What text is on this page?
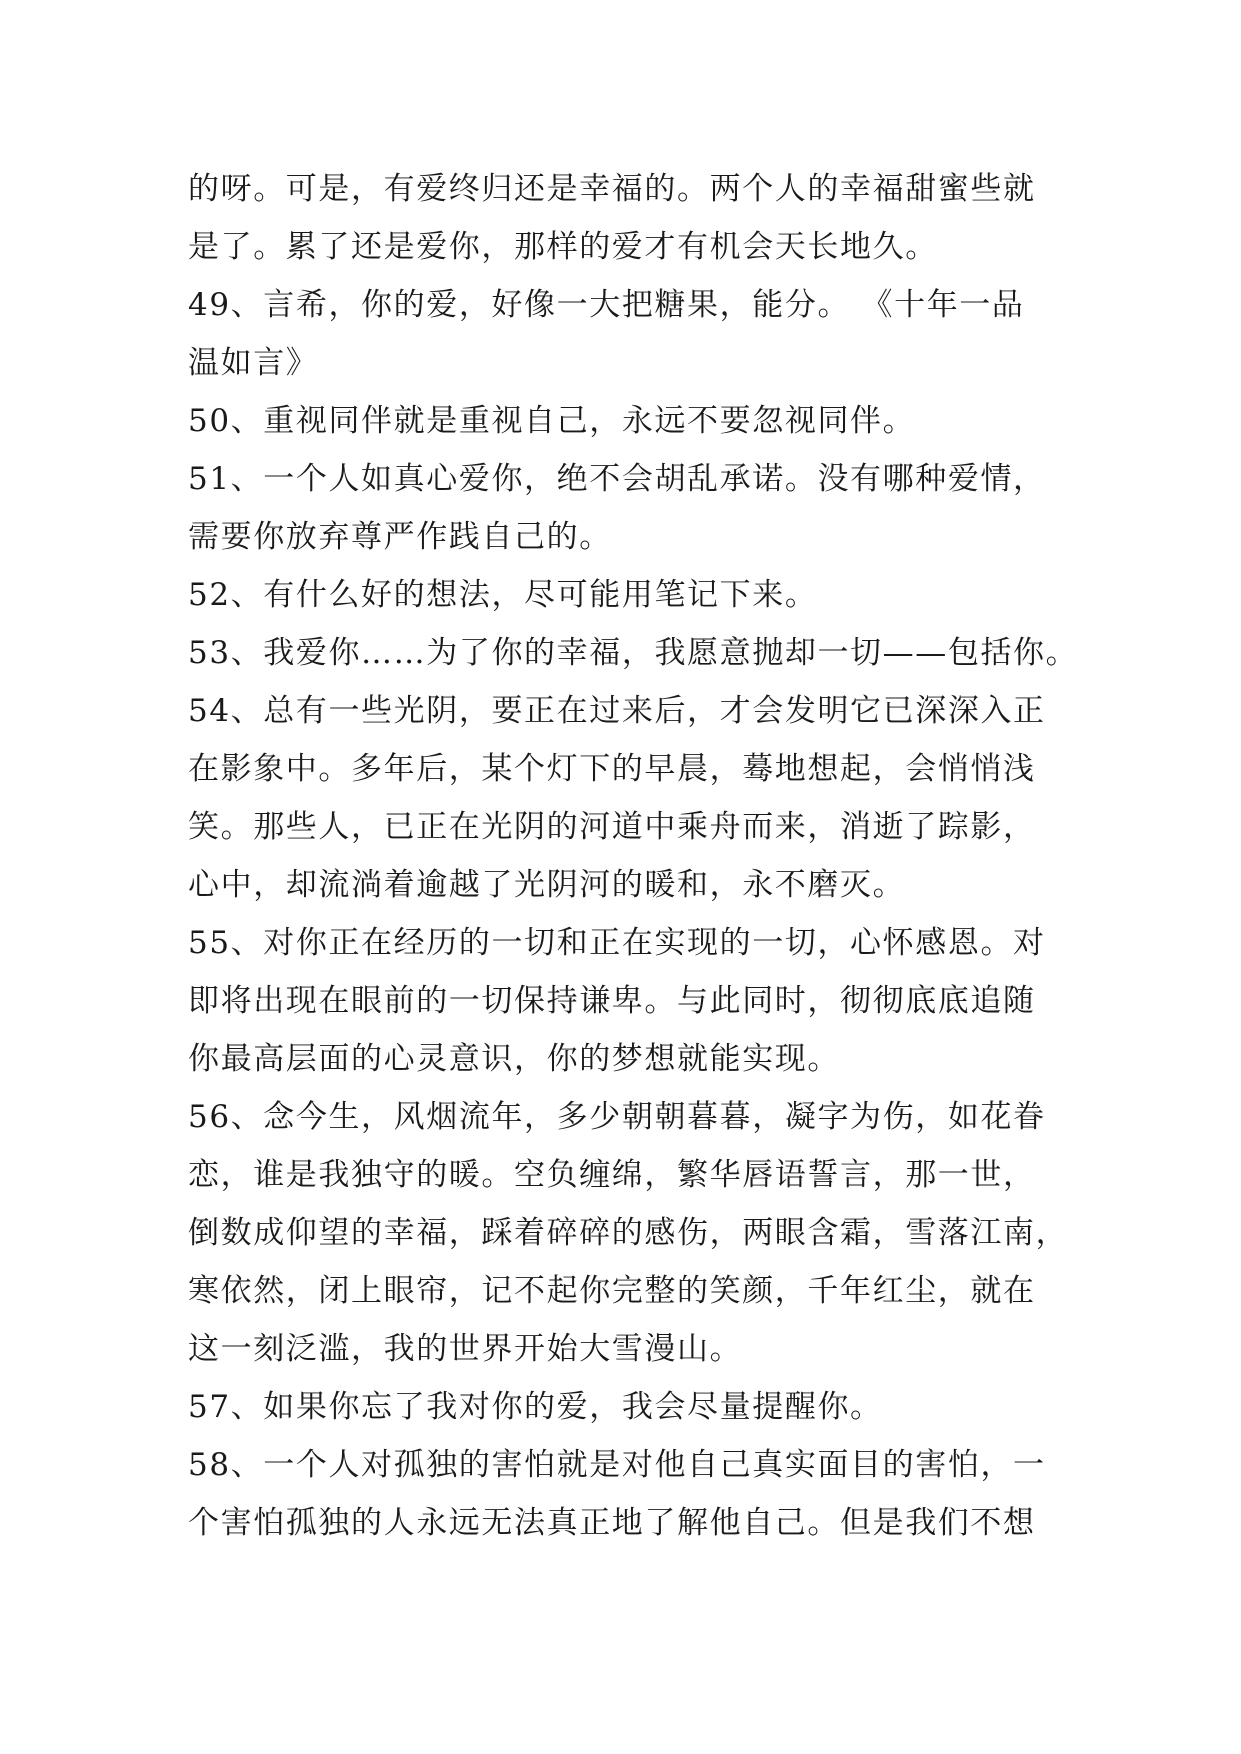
的呀。可是，有爱终归还是幸福的。两个人的幸福甜蜜些就
是了。累了还是爱你，那样的爱才有机会天长地久。
49、言希，你的爱，好像一大把糖果，能分。 《十年一品
温如言》
50、重视同伴就是重视自己，永远不要忽视同伴。
51、一个人如真心爱你，绝不会胡乱承诺。没有哪种爱情，
需要你放弃尊严作践自己的。
52、有什么好的想法，尽可能用笔记下来。
53、我爱你……为了你的幸福，我愿意抛却一切——包括你。
54、总有一些光阴，要正在过来后，才会发明它已深深入正
在影象中。多年后，某个灯下的早晨，蓦地想起，会悄悄浅
笑。那些人，已正在光阴的河道中乘舟而来，消逝了踪影，
心中，却流淌着逾越了光阴河的暖和，永不磨灭。
55、对你正在经历的一切和正在实现的一切，心怀感恩。对
即将出现在眼前的一切保持谦卑。与此同时，彻彻底底追随
你最高层面的心灵意识，你的梦想就能实现。
56、念今生，风烟流年，多少朝朝暮暮，凝字为伤，如花眷
恋，谁是我独守的暖。空负缠绵，繁华唇语誓言，那一世，
倒数成仰望的幸福，踩着碎碎的感伤，两眼含霜，雪落江南，
寒依然，闭上眼帘，记不起你完整的笑颜，千年红尘，就在
这一刻泛滥，我的世界开始大雪漫山。
57、如果你忘了我对你的爱，我会尽量提醒你。
58、一个人对孤独的害怕就是对他自己真实面目的害怕，一
个害怕孤独的人永远无法真正地了解他自己。但是我们不想
